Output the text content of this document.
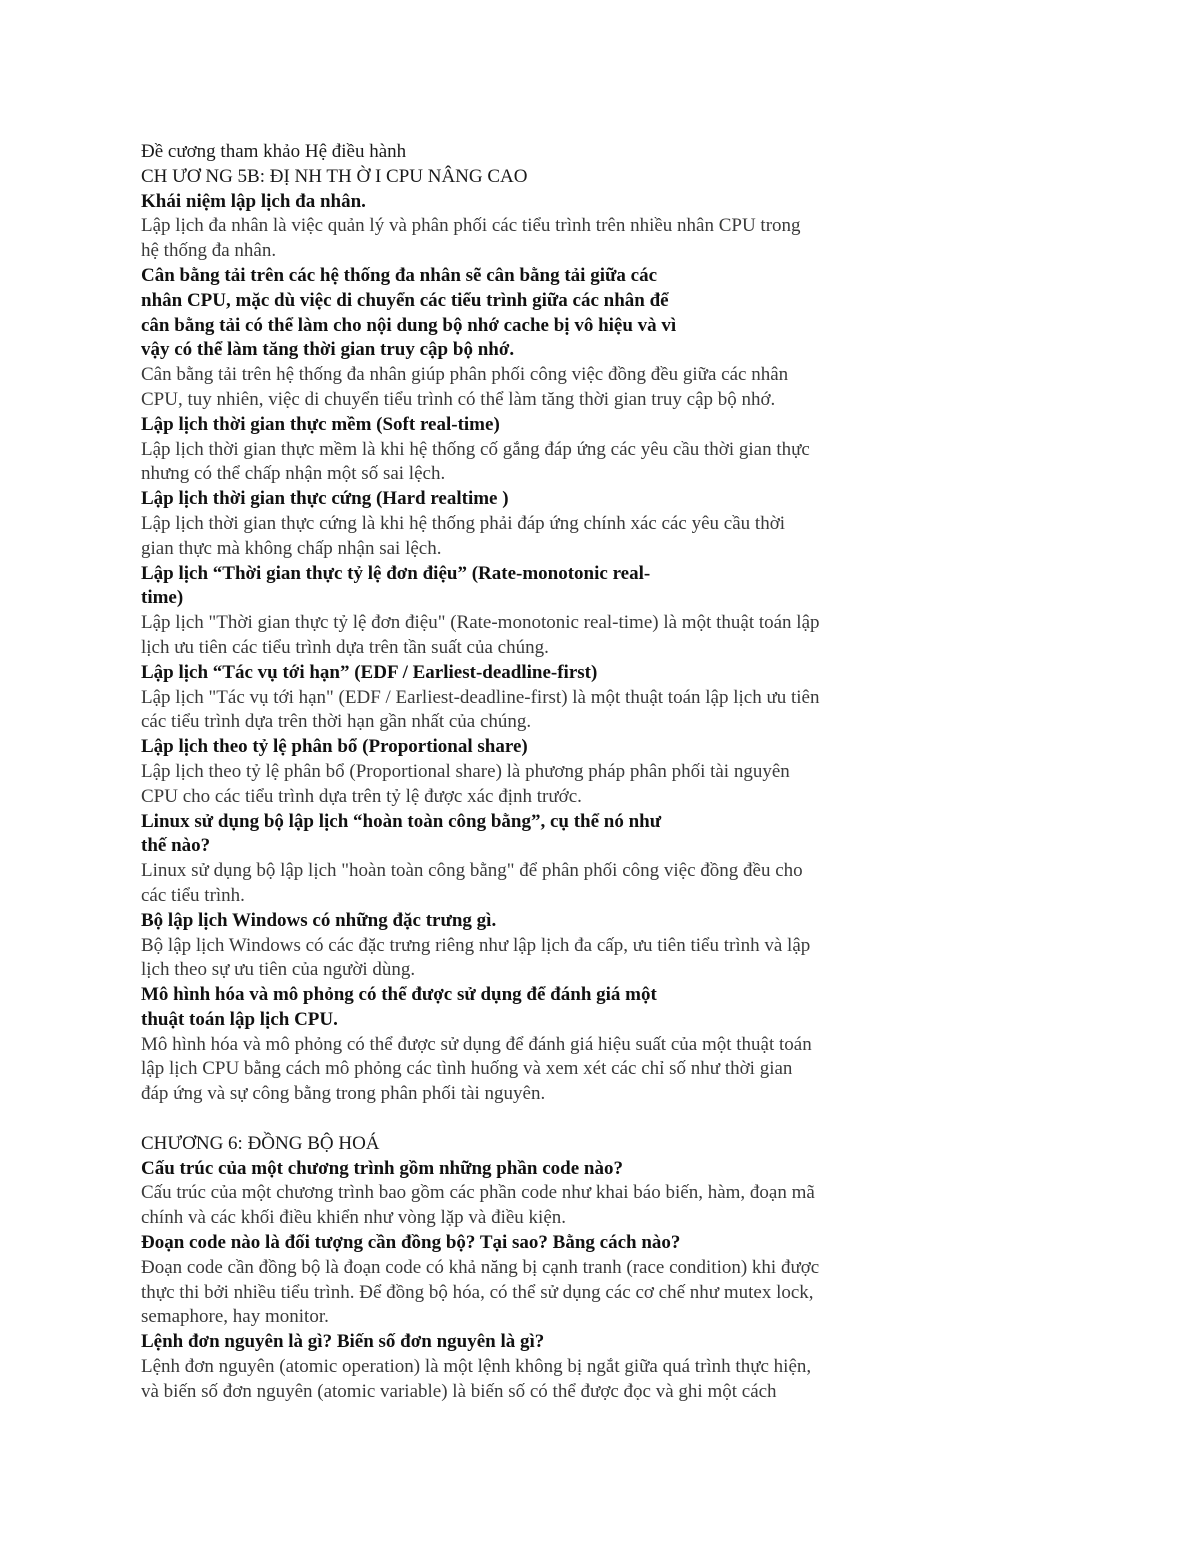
Đề cương tham khảo Hệ điều hành
CH ƯƠ NG 5B: ĐỊ NH TH Ờ I CPU NÂNG CAO
Khái niệm lập lịch đa nhân.
Lập lịch đa nhân là việc quản lý và phân phối các tiểu trình trên nhiều nhân CPU trong
hệ thống đa nhân.
Cân bằng tải trên các hệ thống đa nhân sẽ cân bằng tải giữa các
nhân CPU, mặc dù việc di chuyển các tiểu trình giữa các nhân để
cân bằng tải có thể làm cho nội dung bộ nhớ cache bị vô hiệu và vì
vậy có thể làm tăng thời gian truy cập bộ nhớ.
Cân bằng tải trên hệ thống đa nhân giúp phân phối công việc đồng đều giữa các nhân
CPU, tuy nhiên, việc di chuyển tiểu trình có thể làm tăng thời gian truy cập bộ nhớ.
Lập lịch thời gian thực mềm (Soft real-time)
Lập lịch thời gian thực mềm là khi hệ thống cố gắng đáp ứng các yêu cầu thời gian thực
nhưng có thể chấp nhận một số sai lệch.
Lập lịch thời gian thực cứng (Hard realtime )
Lập lịch thời gian thực cứng là khi hệ thống phải đáp ứng chính xác các yêu cầu thời
gian thực mà không chấp nhận sai lệch.
Lập lịch “Thời gian thực tỷ lệ đơn điệu” (Rate-monotonic real-
time)
Lập lịch "Thời gian thực tỷ lệ đơn điệu" (Rate-monotonic real-time) là một thuật toán lập
lịch ưu tiên các tiểu trình dựa trên tần suất của chúng.
Lập lịch “Tác vụ tới hạn” (EDF / Earliest-deadline-first)
Lập lịch "Tác vụ tới hạn" (EDF / Earliest-deadline-first) là một thuật toán lập lịch ưu tiên
các tiểu trình dựa trên thời hạn gần nhất của chúng.
Lập lịch theo tỷ lệ phân bổ (Proportional share)
Lập lịch theo tỷ lệ phân bổ (Proportional share) là phương pháp phân phối tài nguyên
CPU cho các tiểu trình dựa trên tỷ lệ được xác định trước.
Linux sử dụng bộ lập lịch “hoàn toàn công bằng”, cụ thể nó như
thế nào?
Linux sử dụng bộ lập lịch "hoàn toàn công bằng" để phân phối công việc đồng đều cho
các tiểu trình.
Bộ lập lịch Windows có những đặc trưng gì.
Bộ lập lịch Windows có các đặc trưng riêng như lập lịch đa cấp, ưu tiên tiểu trình và lập
lịch theo sự ưu tiên của người dùng.
Mô hình hóa và mô phỏng có thể được sử dụng để đánh giá một
thuật toán lập lịch CPU.
Mô hình hóa và mô phỏng có thể được sử dụng để đánh giá hiệu suất của một thuật toán
lập lịch CPU bằng cách mô phỏng các tình huống và xem xét các chỉ số như thời gian
đáp ứng và sự công bằng trong phân phối tài nguyên.
CHƯƠNG 6: ĐỒNG BỘ HOÁ
Cấu trúc của một chương trình gồm những phần code nào?
Cấu trúc của một chương trình bao gồm các phần code như khai báo biến, hàm, đoạn mã
chính và các khối điều khiển như vòng lặp và điều kiện.
Đoạn code nào là đối tượng cần đồng bộ? Tại sao? Bằng cách nào?
Đoạn code cần đồng bộ là đoạn code có khả năng bị cạnh tranh (race condition) khi được
thực thi bởi nhiều tiểu trình. Để đồng bộ hóa, có thể sử dụng các cơ chế như mutex lock,
semaphore, hay monitor.
Lệnh đơn nguyên là gì? Biến số đơn nguyên là gì?
Lệnh đơn nguyên (atomic operation) là một lệnh không bị ngắt giữa quá trình thực hiện,
và biến số đơn nguyên (atomic variable) là biến số có thể được đọc và ghi một cách
